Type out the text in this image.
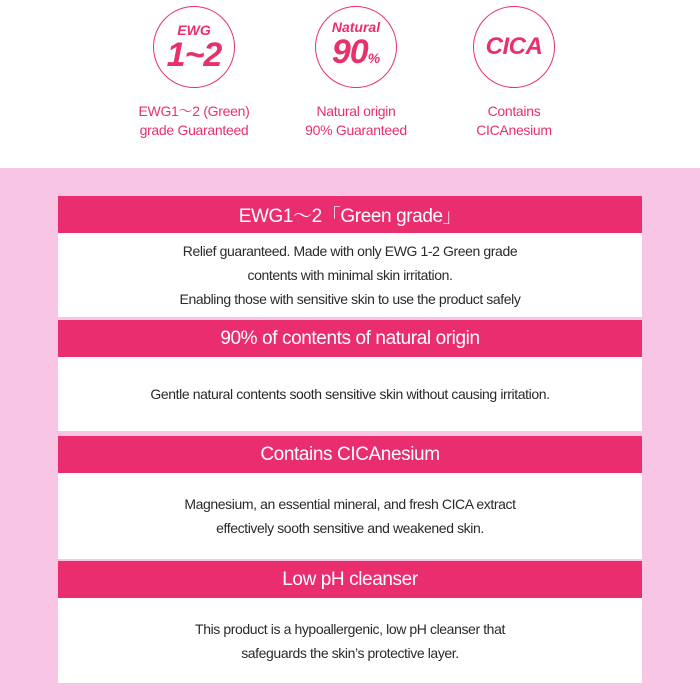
EWG
1~2
EWG1～2 (Green)
grade Guaranteed
Natural
90%
Natural origin
90% Guaranteed
CICA
Contains
CICAnesium
EWG1～2「Green grade」
Relief guaranteed. Made with only EWG 1-2 Green grade
contents with minimal skin irritation.
Enabling those with sensitive skin to use the product safely
90% of contents of natural origin
Gentle natural contents sooth sensitive skin without causing irritation.
Contains CICAnesium
Magnesium, an essential mineral, and fresh CICA extract
effectively sooth sensitive and weakened skin.
Low pH cleanser
This product is a hypoallergenic, low pH cleanser that
safeguards the skin’s protective layer.
